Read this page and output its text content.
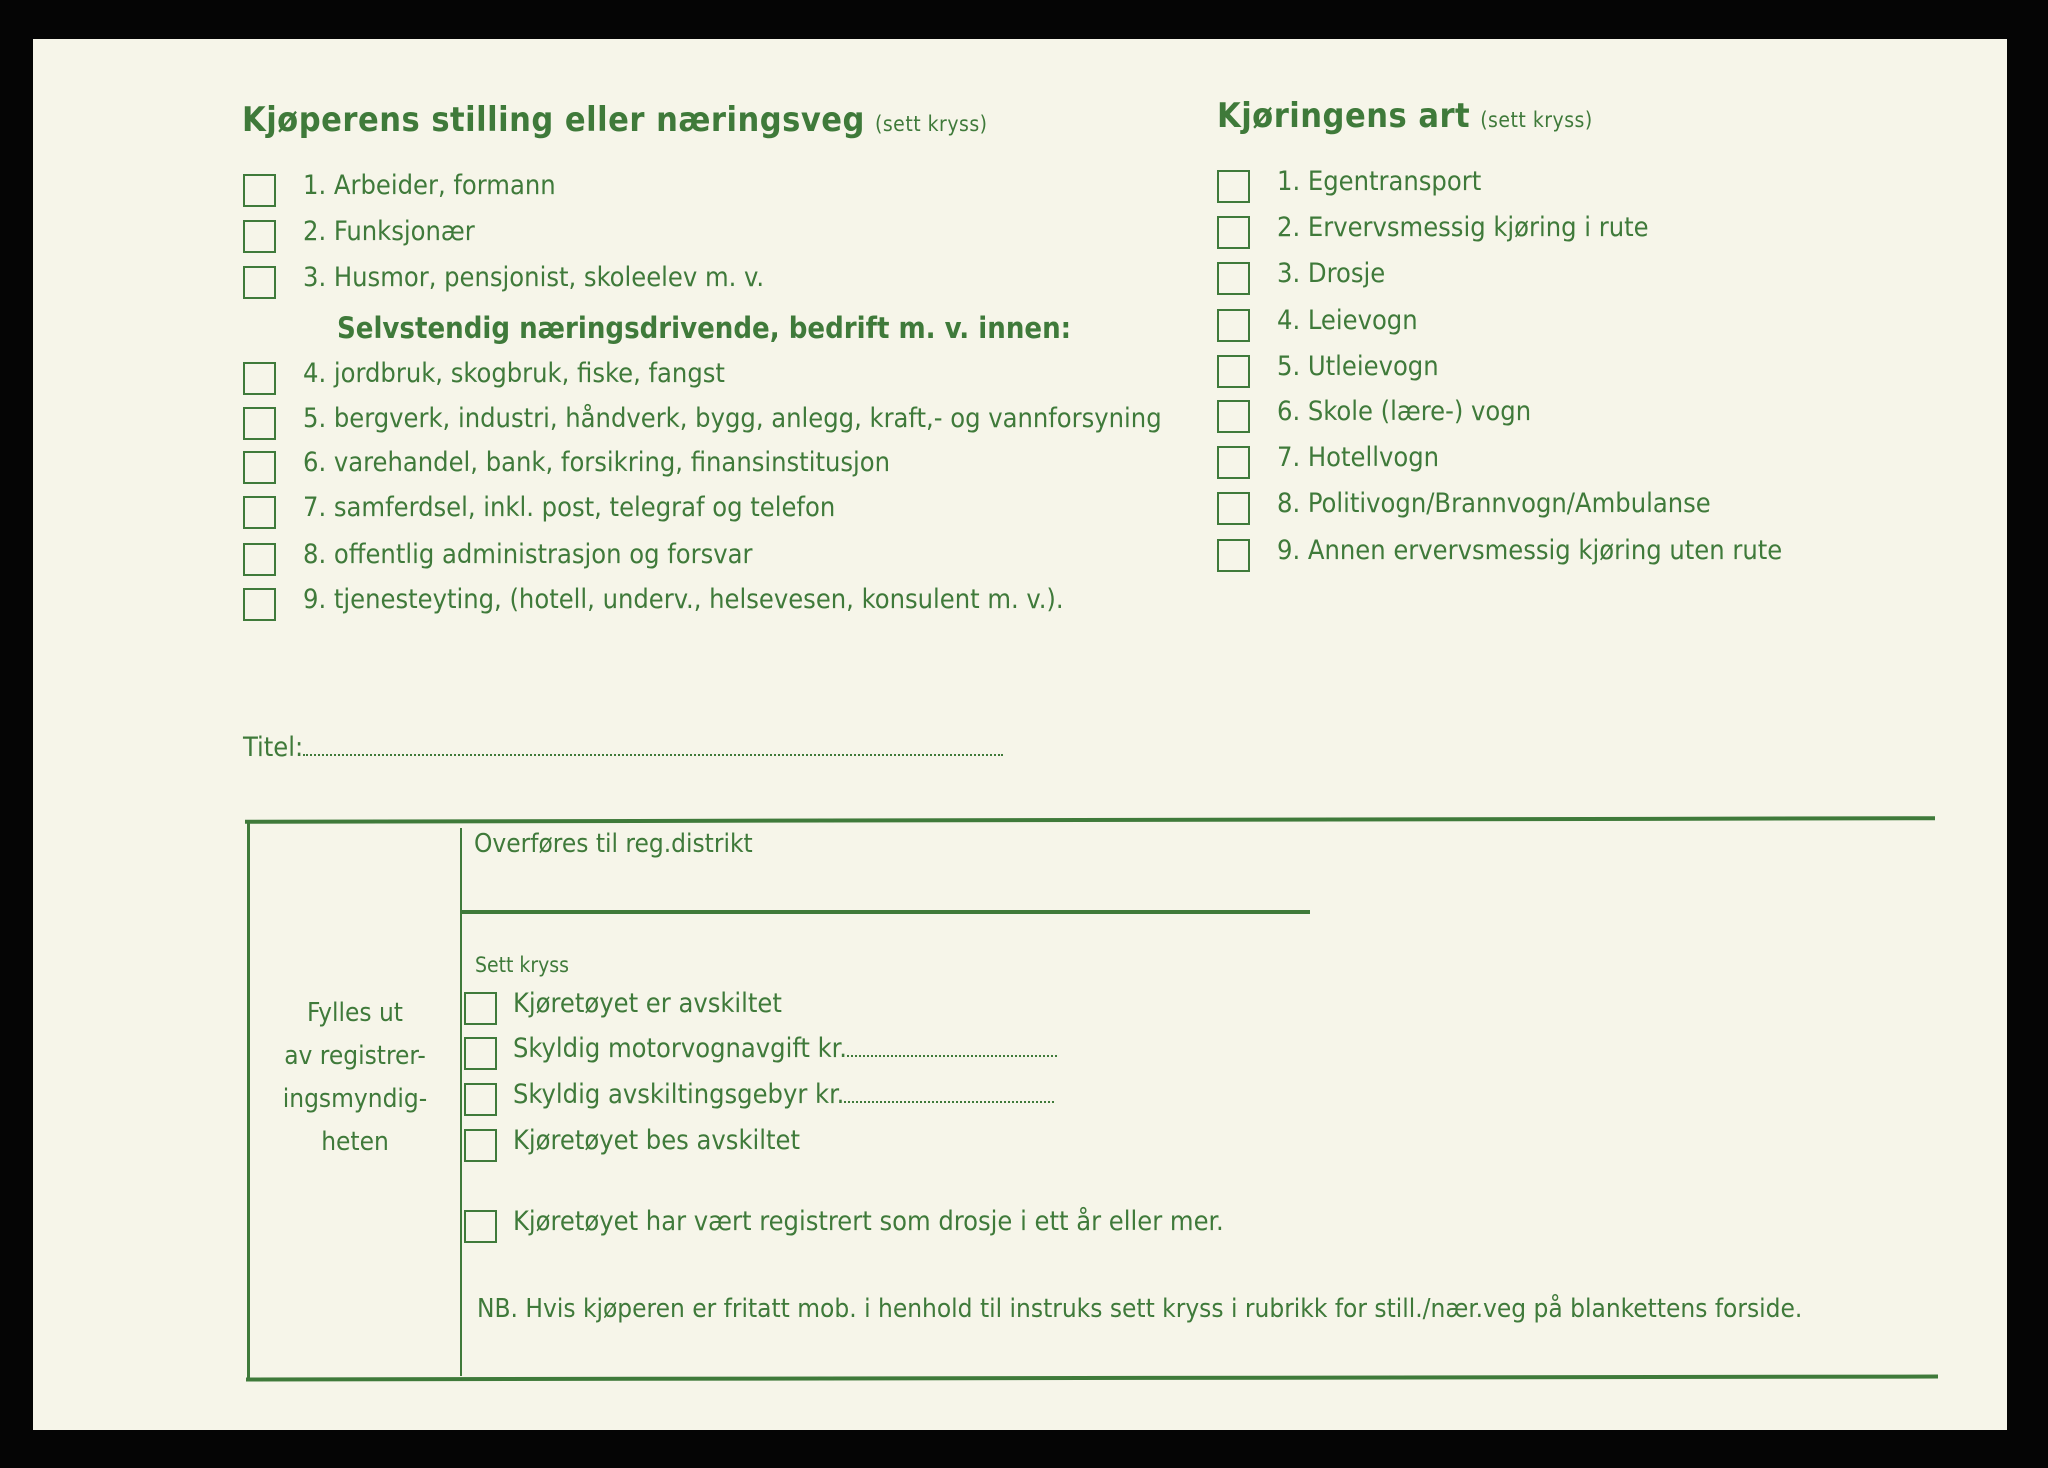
Kjøperens stilling eller næringsveg (sett kryss)
1. Arbeider, formann
2. Funksjonær
3. Husmor, pensjonist, skoleelev m. v.
4. jordbruk, skogbruk, fiske, fangst
5. bergverk, industri, håndverk, bygg, anlegg, kraft,- og vannforsyning
6. varehandel, bank, forsikring, finansinstitusjon
7. samferdsel, inkl. post, telegraf og telefon
8. offentlig administrasjon og forsvar
9. tjenesteyting, (hotell, underv., helsevesen, konsulent m. v.).
Selvstendig næringsdrivende, bedrift m. v. innen:
Kjøringens art (sett kryss)
1. Egentransport
2. Ervervsmessig kjøring i rute
3. Drosje
4. Leievogn
5. Utleievogn
6. Skole (lære-) vogn
7. Hotellvogn
8. Politivogn/Brannvogn/Ambulanse
9. Annen ervervsmessig kjøring uten rute
Titel:
Fylles ut
av registrer-
ingsmyndig-
heten
Overføres til reg.distrikt
Sett kryss
Kjøretøyet er avskiltet
Skyldig motorvognavgift kr.
Skyldig avskiltingsgebyr kr.
Kjøretøyet bes avskiltet
Kjøretøyet har vært registrert som drosje i ett år eller mer.
NB. Hvis kjøperen er fritatt mob. i henhold til instruks sett kryss i rubrikk for still./nær.veg på blankettens forside.
